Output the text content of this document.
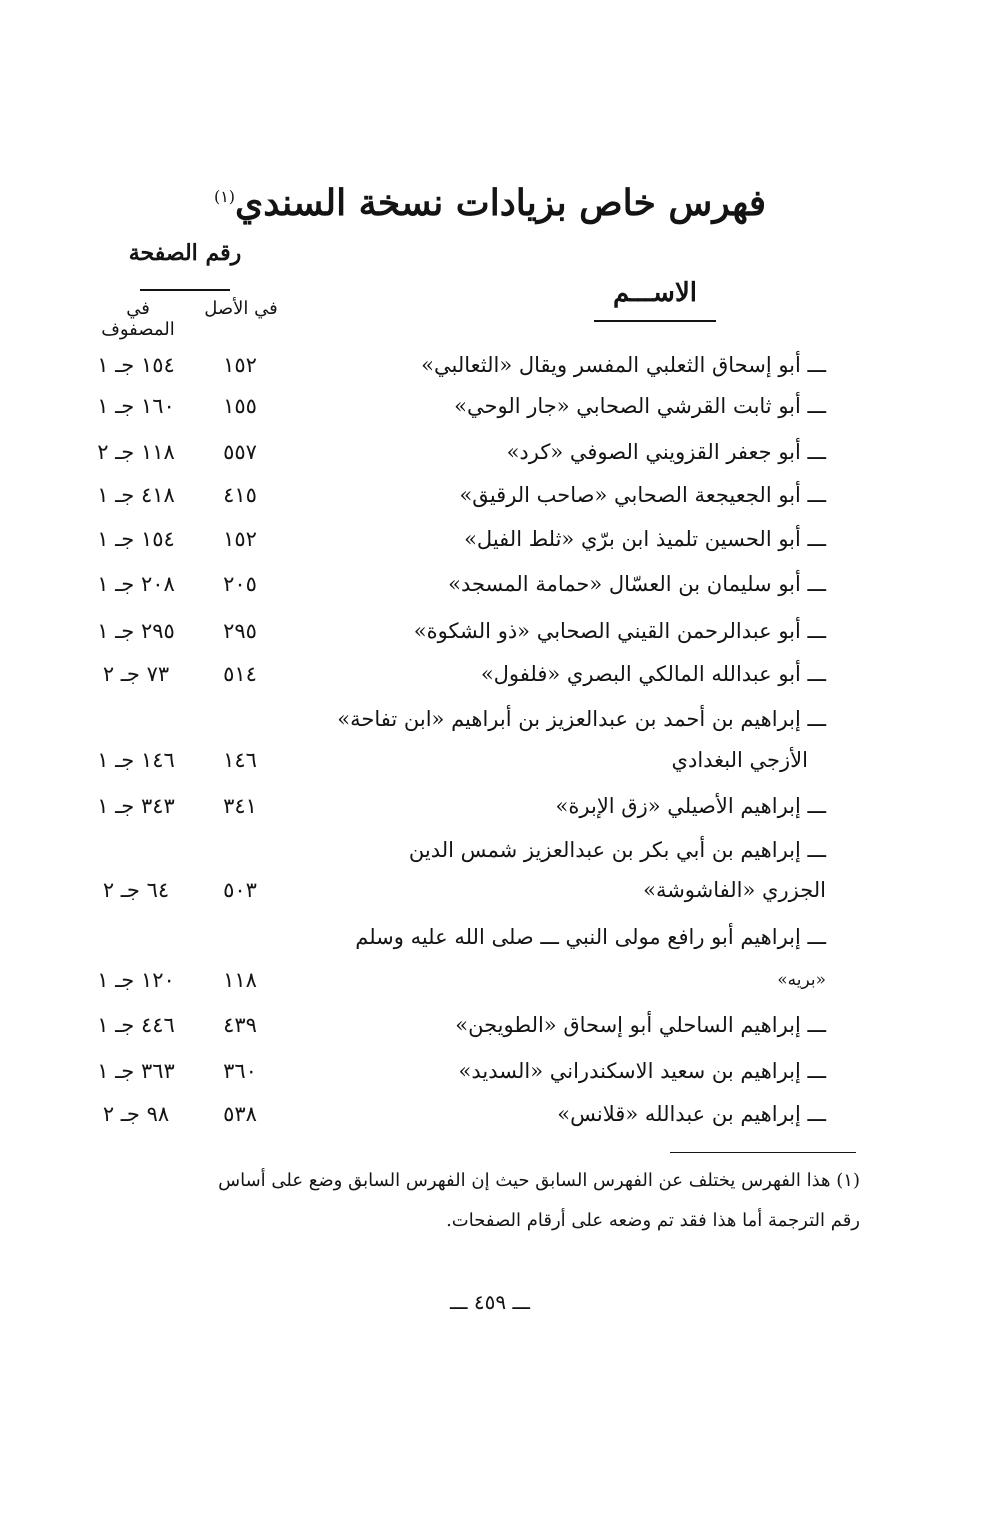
فهرس خاص بزيادات نسخة السندي$^{(١)}$
رقم الصفحة
في الأصل
في المصفوف
الاســـم
ـــ أبو إسحاق الثعلبي المفسر ويقال «الثعالبي»
١٥٢
١٥٤ جـ ١
ـــ أبو ثابت القرشي الصحابي «جار الوحي»
١٥٥
١٦٠ جـ ١
ـــ أبو جعفر القزويني الصوفي «كرد»
٥٥٧
١١٨ جـ ٢
ـــ أبو الجعيجعة الصحابي «صاحب الرقيق»
٤١٥
٤١٨ جـ ١
ـــ أبو الحسين تلميذ ابن برّي «ثلط الفيل»
١٥٢
١٥٤ جـ ١
ـــ أبو سليمان بن العسّال «حمامة المسجد»
٢٠٥
٢٠٨ جـ ١
ـــ أبو عبدالرحمن القيني الصحابي «ذو الشكوة»
٢٩٥
٢٩٥ جـ ١
ـــ أبو عبدالله المالكي البصري «فلفول»
٥١٤
٧٣ جـ ٢
ـــ إبراهيم بن أحمد بن عبدالعزيز بن أبراهيم «ابن تفاحة»
الأزجي البغدادي
١٤٦
١٤٦ جـ ١
ـــ إبراهيم الأصيلي «زق الإبرة»
٣٤١
٣٤٣ جـ ١
ـــ إبراهيم بن أبي بكر بن عبدالعزيز شمس الدين
الجزري «الفاشوشة»
٥٠٣
٦٤ جـ ٢
ـــ إبراهيم أبو رافع مولى النبي ـــ صلى الله عليه وسلم
«بريه»
١١٨
١٢٠ جـ ١
ـــ إبراهيم الساحلي أبو إسحاق «الطويجن»
٤٣٩
٤٤٦ جـ ١
ـــ إبراهيم بن سعيد الاسكندراني «السديد»
٣٦٠
٣٦٣ جـ ١
ـــ إبراهيم بن عبدالله «قلانس»
٥٣٨
٩٨ جـ ٢
(١) هذا الفهرس يختلف عن الفهرس السابق حيث إن الفهرس السابق وضع على أساس
رقم الترجمة أما هذا فقد تم وضعه على أرقام الصفحات.
ـــ ٤٥٩ ـــ
